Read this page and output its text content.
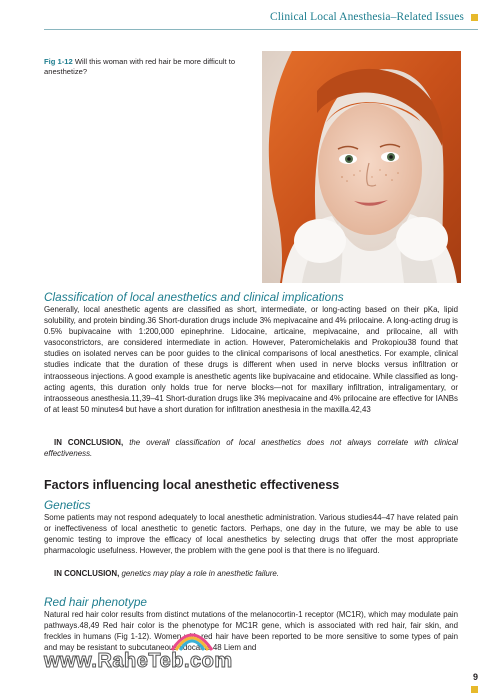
Clinical Local Anesthesia–Related Issues
Fig 1-12 Will this woman with red hair be more difficult to anesthetize?
Classification of local anesthetics and clinical implications
Generally, local anesthetic agents are classified as short, intermediate, or long-acting based on their pKa, lipid solubility, and protein binding.36 Short-duration drugs include 3% mepivacaine and 4% prilocaine. A long-acting drug is 0.5% bupivacaine with 1:200,000 epinephrine. Lidocaine, articaine, mepivacaine, and prilocaine, all with vasoconstrictors, are considered intermediate in action. However, Pateromichelakis and Prokopiou38 found that studies on isolated nerves can be poor guides to the clinical comparisons of local anesthetics. For example, clinical studies indicate that the duration of these drugs is different when used in nerve blocks versus infiltration or intraosseous injections. A good example is anesthetic agents like bupivacaine and etidocaine. While classified as long-acting agents, this duration only holds true for nerve blocks—not for maxillary infiltration, intraligamentary, or intraosseous anesthesia.11,39–41 Short-duration drugs like 3% mepivacaine and 4% prilocaine are effective for IANBs of at least 50 minutes4 but have a short duration for infiltration anesthesia in the maxilla.42,43
IN CONCLUSION, the overall classification of local anesthetics does not always correlate with clinical effectiveness.
Factors influencing local anesthetic effectiveness
Genetics
Some patients may not respond adequately to local anesthetic administration. Various studies44–47 have related pain or ineffectiveness of local anesthetic to genetic factors. Perhaps, one day in the future, we may be able to use genomic testing to improve the efficacy of local anesthetics by selecting drugs that offer the most appropriate pharmacologic usefulness. However, the problem with the gene pool is that there is no lifeguard.
IN CONCLUSION, genetics may play a role in anesthetic failure.
Red hair phenotype
Natural red hair color results from distinct mutations of the melanocortin-1 receptor (MC1R), which may modulate pain pathways.48,49 Red hair color is the phenotype for MC1R gene, which is associated with red hair, fair skin, and freckles in humans (Fig 1-12). Women with red hair have been reported to be more sensitive to some types of pain and may be resistant to subcutaneous lidocaine.48 Liem and
www.RaheTeb.com
9
